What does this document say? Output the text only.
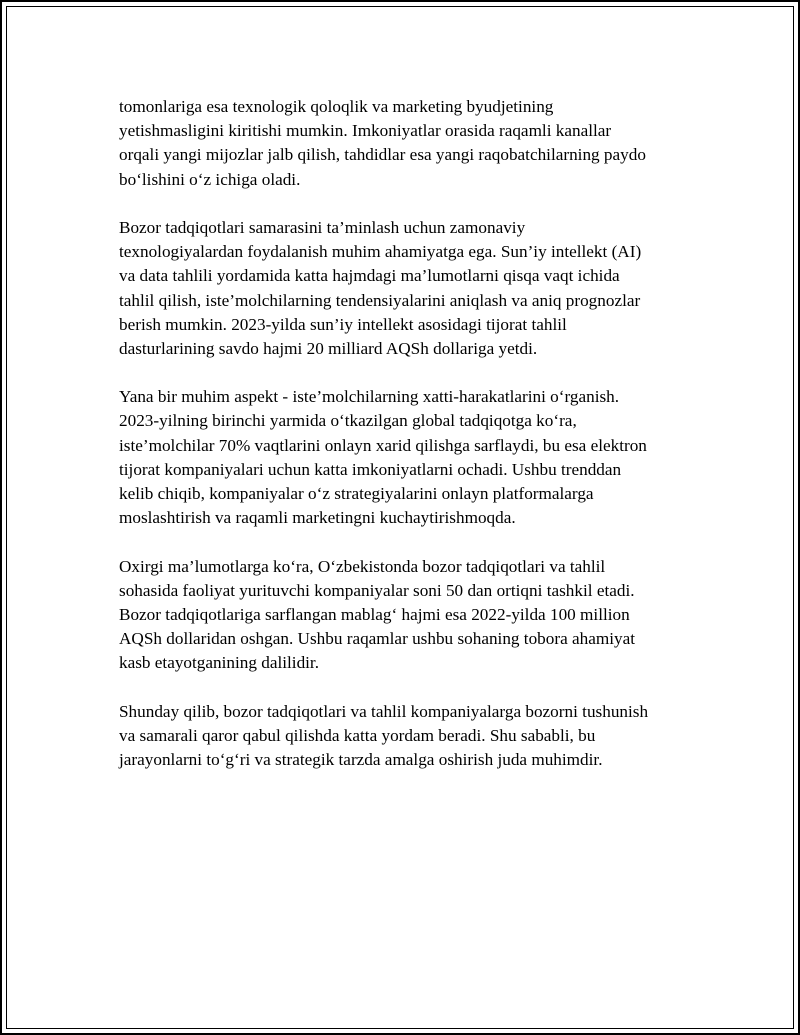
tomonlariga esa texnologik qoloqlik va marketing byudjetining
yetishmasligini kiritishi mumkin. Imkoniyatlar orasida raqamli kanallar
orqali yangi mijozlar jalb qilish, tahdidlar esa yangi raqobatchilarning paydo
bo‘lishini o‘z ichiga oladi.

Bozor tadqiqotlari samarasini ta’minlash uchun zamonaviy
texnologiyalardan foydalanish muhim ahamiyatga ega. Sun’iy intellekt (AI)
va data tahlili yordamida katta hajmdagi ma’lumotlarni qisqa vaqt ichida
tahlil qilish, iste’molchilarning tendensiyalarini aniqlash va aniq prognozlar
berish mumkin. 2023-yilda sun’iy intellekt asosidagi tijorat tahlil
dasturlarining savdo hajmi 20 milliard AQSh dollariga yetdi.

Yana bir muhim aspekt - iste’molchilarning xatti-harakatlarini o‘rganish.
2023-yilning birinchi yarmida o‘tkazilgan global tadqiqotga ko‘ra,
iste’molchilar 70% vaqtlarini onlayn xarid qilishga sarflaydi, bu esa elektron
tijorat kompaniyalari uchun katta imkoniyatlarni ochadi. Ushbu trenddan
kelib chiqib, kompaniyalar o‘z strategiyalarini onlayn platformalarga
moslashtirish va raqamli marketingni kuchaytirishmoqda.

Oxirgi ma’lumotlarga ko‘ra, O‘zbekistonda bozor tadqiqotlari va tahlil
sohasida faoliyat yurituvchi kompaniyalar soni 50 dan ortiqni tashkil etadi.
Bozor tadqiqotlariga sarflangan mablag‘ hajmi esa 2022-yilda 100 million
AQSh dollaridan oshgan. Ushbu raqamlar ushbu sohaning tobora ahamiyat
kasb etayotganining dalilidir.

Shunday qilib, bozor tadqiqotlari va tahlil kompaniyalarga bozorni tushunish
va samarali qaror qabul qilishda katta yordam beradi. Shu sababli, bu
jarayonlarni to‘g‘ri va strategik tarzda amalga oshirish juda muhimdir.
